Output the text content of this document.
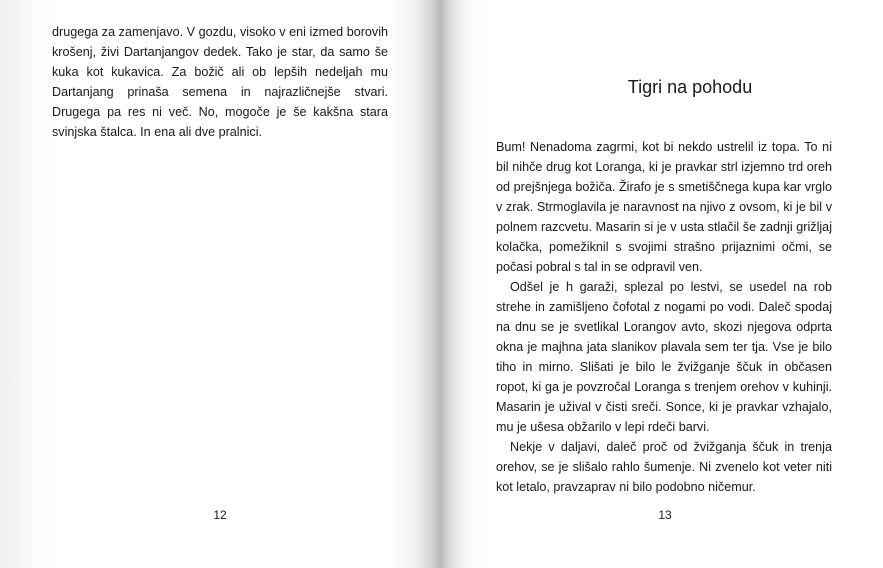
drugega za zamenjavo. V gozdu, visoko v eni izmed borovih krošenj, živi Dartanjangov dedek. Tako je star, da samo še kuka kot kukavica. Za božič ali ob lepših nedeljah mu Dartanjang prinaša semena in najrazličnejše stvari. Drugega pa res ni več. No, mogoče je še kakšna stara svinjska štalca. In ena ali dve pralnici.

12
Tigri na pohodu

Bum! Nenadoma zagrmi, kot bi nekdo ustrelil iz topa. To ni bil nihče drug kot Loranga, ki je pravkar strl izjemno trd oreh od prejšnjega božiča. Žirafo je s smetiščnega kupa kar vrglo v zrak. Strmoglavila je naravnost na njivo z ovsom, ki je bil v polnem razcvetu. Masarin si je v usta stlačil še zadnji grižljaj kolačka, pomežiknil s svojimi strašno prijaznimi očmi, se počasi pobral s tal in se odpravil ven.

Odšel je h garaži, splezal po lestvi, se usedel na rob strehe in zamišljeno čofotal z nogami po vodi. Daleč spodaj na dnu se je svetlikal Lorangov avto, skozi njegova odprta okna je majhna jata slanikov plavala sem ter tja. Vse je bilo tiho in mirno. Slišati je bilo le žvižganje ščuk in občasen ropot, ki ga je povzročal Loranga s trenjem orehov v kuhinji. Masarin je užival v čisti sreči. Sonce, ki je pravkar vzhajalo, mu je ušesa obžarilo v lepi rdeči barvi.

Nekje v daljavi, daleč proč od žvižganja ščuk in trenja orehov, se je slišalo rahlo šumenje. Ni zvenelo kot veter niti kot letalo, pravzaprav ni bilo podobno ničemur.

13
